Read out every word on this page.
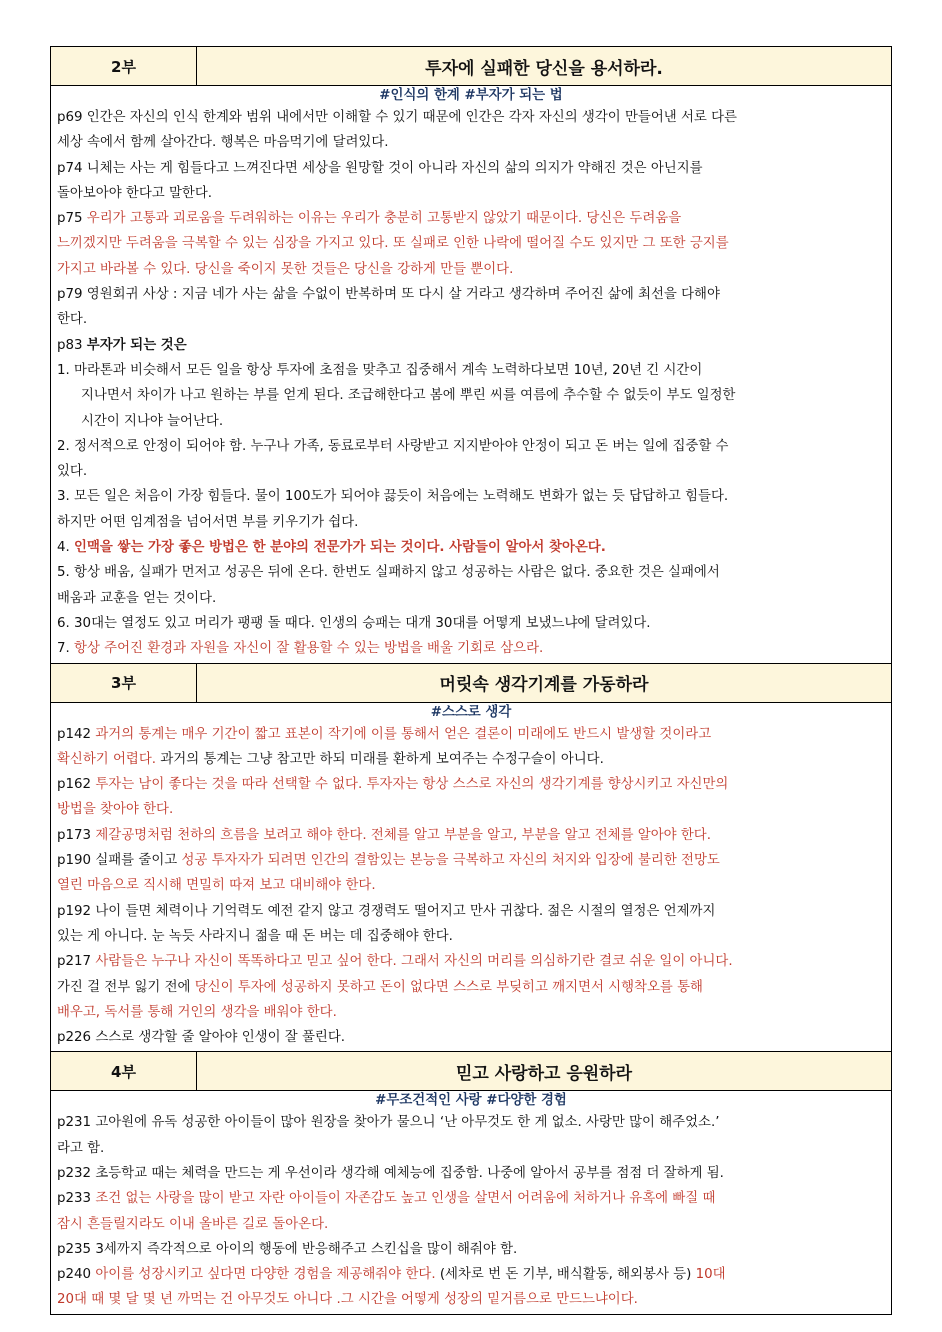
2부	투자에 실패한 당신을 용서하라.
#인식의 한계 #부자가 되는 법
p69 인간은 자신의 인식 한계와 범위 내에서만 이해할 수 있기 때문에 인간은 각자 자신의 생각이 만들어낸 서로 다른
세상 속에서 함께 살아간다. 행복은 마음먹기에 달려있다.
p74 니체는 사는 게 힘들다고 느껴진다면 세상을 원망할 것이 아니라 자신의 삶의 의지가 약해진 것은 아닌지를
돌아보아야 한다고 말한다.
p75 우리가 고통과 괴로움을 두려워하는 이유는 우리가 충분히 고통받지 않았기 때문이다. 당신은 두려움을
느끼겠지만 두려움을 극복할 수 있는 심장을 가지고 있다. 또 실패로 인한 나락에 떨어질 수도 있지만 그 또한 긍지를
가지고 바라볼 수 있다. 당신을 죽이지 못한 것들은 당신을 강하게 만들 뿐이다.
p79 영원회귀 사상 : 지금 네가 사는 삶을 수없이 반복하며 또 다시 살 거라고 생각하며 주어진 삶에 최선을 다해야
한다.
p83 부자가 되는 것은
1. 마라톤과 비슷해서 모든 일을 항상 투자에 초점을 맞추고 집중해서 계속 노력하다보면 10년, 20년 긴 시간이
지나면서 차이가 나고 원하는 부를 얻게 된다. 조급해한다고 봄에 뿌린 씨를 여름에 추수할 수 없듯이 부도 일정한
시간이 지나야 늘어난다.
2. 정서적으로 안정이 되어야 함. 누구나 가족, 동료로부터 사랑받고 지지받아야 안정이 되고 돈 버는 일에 집중할 수
있다.
3. 모든 일은 처음이 가장 힘들다. 물이 100도가 되어야 끓듯이 처음에는 노력해도 변화가 없는 듯 답답하고 힘들다.
하지만 어떤 임계점을 넘어서면 부를 키우기가 쉽다.
4. 인맥을 쌓는 가장 좋은 방법은 한 분야의 전문가가 되는 것이다. 사람들이 알아서 찾아온다.
5. 항상 배움, 실패가 먼저고 성공은 뒤에 온다. 한번도 실패하지 않고 성공하는 사람은 없다. 중요한 것은 실패에서
배움과 교훈을 얻는 것이다.
6. 30대는 열정도 있고 머리가 팽팽 돌 때다. 인생의 승패는 대개 30대를 어떻게 보냈느냐에 달려있다.
7. 항상 주어진 환경과 자원을 자신이 잘 활용할 수 있는 방법을 배울 기회로 삼으라.
3부	머릿속 생각기계를 가동하라
#스스로 생각
p142 과거의 통계는 매우 기간이 짧고 표본이 작기에 이를 통해서 얻은 결론이 미래에도 반드시 발생할 것이라고
확신하기 어렵다. 과거의 통계는 그냥 참고만 하되 미래를 환하게 보여주는 수정구슬이 아니다.
p162 투자는 남이 좋다는 것을 따라 선택할 수 없다. 투자자는 항상 스스로 자신의 생각기계를 향상시키고 자신만의
방법을 찾아야 한다.
p173 제갈공명처럼 천하의 흐름을 보려고 해야 한다. 전체를 알고 부분을 알고, 부분을 알고 전체를 알아야 한다.
p190 실패를 줄이고 성공 투자자가 되려면 인간의 결함있는 본능을 극복하고 자신의 처지와 입장에 불리한 전망도
열린 마음으로 직시해 면밀히 따져 보고 대비해야 한다.
p192 나이 들면 체력이나 기억력도 예전 같지 않고 경쟁력도 떨어지고 만사 귀찮다. 젊은 시절의 열정은 언제까지
있는 게 아니다. 눈 녹듯 사라지니 젊을 때 돈 버는 데 집중해야 한다.
p217 사람들은 누구나 자신이 똑똑하다고 믿고 싶어 한다. 그래서 자신의 머리를 의심하기란 결코 쉬운 일이 아니다.
가진 걸 전부 잃기 전에 당신이 투자에 성공하지 못하고 돈이 없다면 스스로 부딪히고 깨지면서 시행착오를 통해
배우고, 독서를 통해 거인의 생각을 배워야 한다.
p226 스스로 생각할 줄 알아야 인생이 잘 풀린다.
4부	믿고 사랑하고 응원하라
#무조건적인 사랑 #다양한 경험
p231 고아원에 유독 성공한 아이들이 많아 원장을 찾아가 물으니 ‘난 아무것도 한 게 없소. 사랑만 많이 해주었소.’
라고 함.
p232 초등학교 때는 체력을 만드는 게 우선이라 생각해 예체능에 집중함. 나중에 알아서 공부를 점점 더 잘하게 됨.
p233 조건 없는 사랑을 많이 받고 자란 아이들이 자존감도 높고 인생을 살면서 어려움에 처하거나 유혹에 빠질 때
잠시 흔들릴지라도 이내 올바른 길로 돌아온다.
p235 3세까지 즉각적으로 아이의 행동에 반응해주고 스킨십을 많이 해줘야 함.
p240 아이를 성장시키고 싶다면 다양한 경험을 제공해줘야 한다. (세차로 번 돈 기부, 배식활동, 해외봉사 등) 10대
20대 때 몇 달 몇 년 까먹는 건 아무것도 아니다 .그 시간을 어떻게 성장의 밑거름으로 만드느냐이다.
